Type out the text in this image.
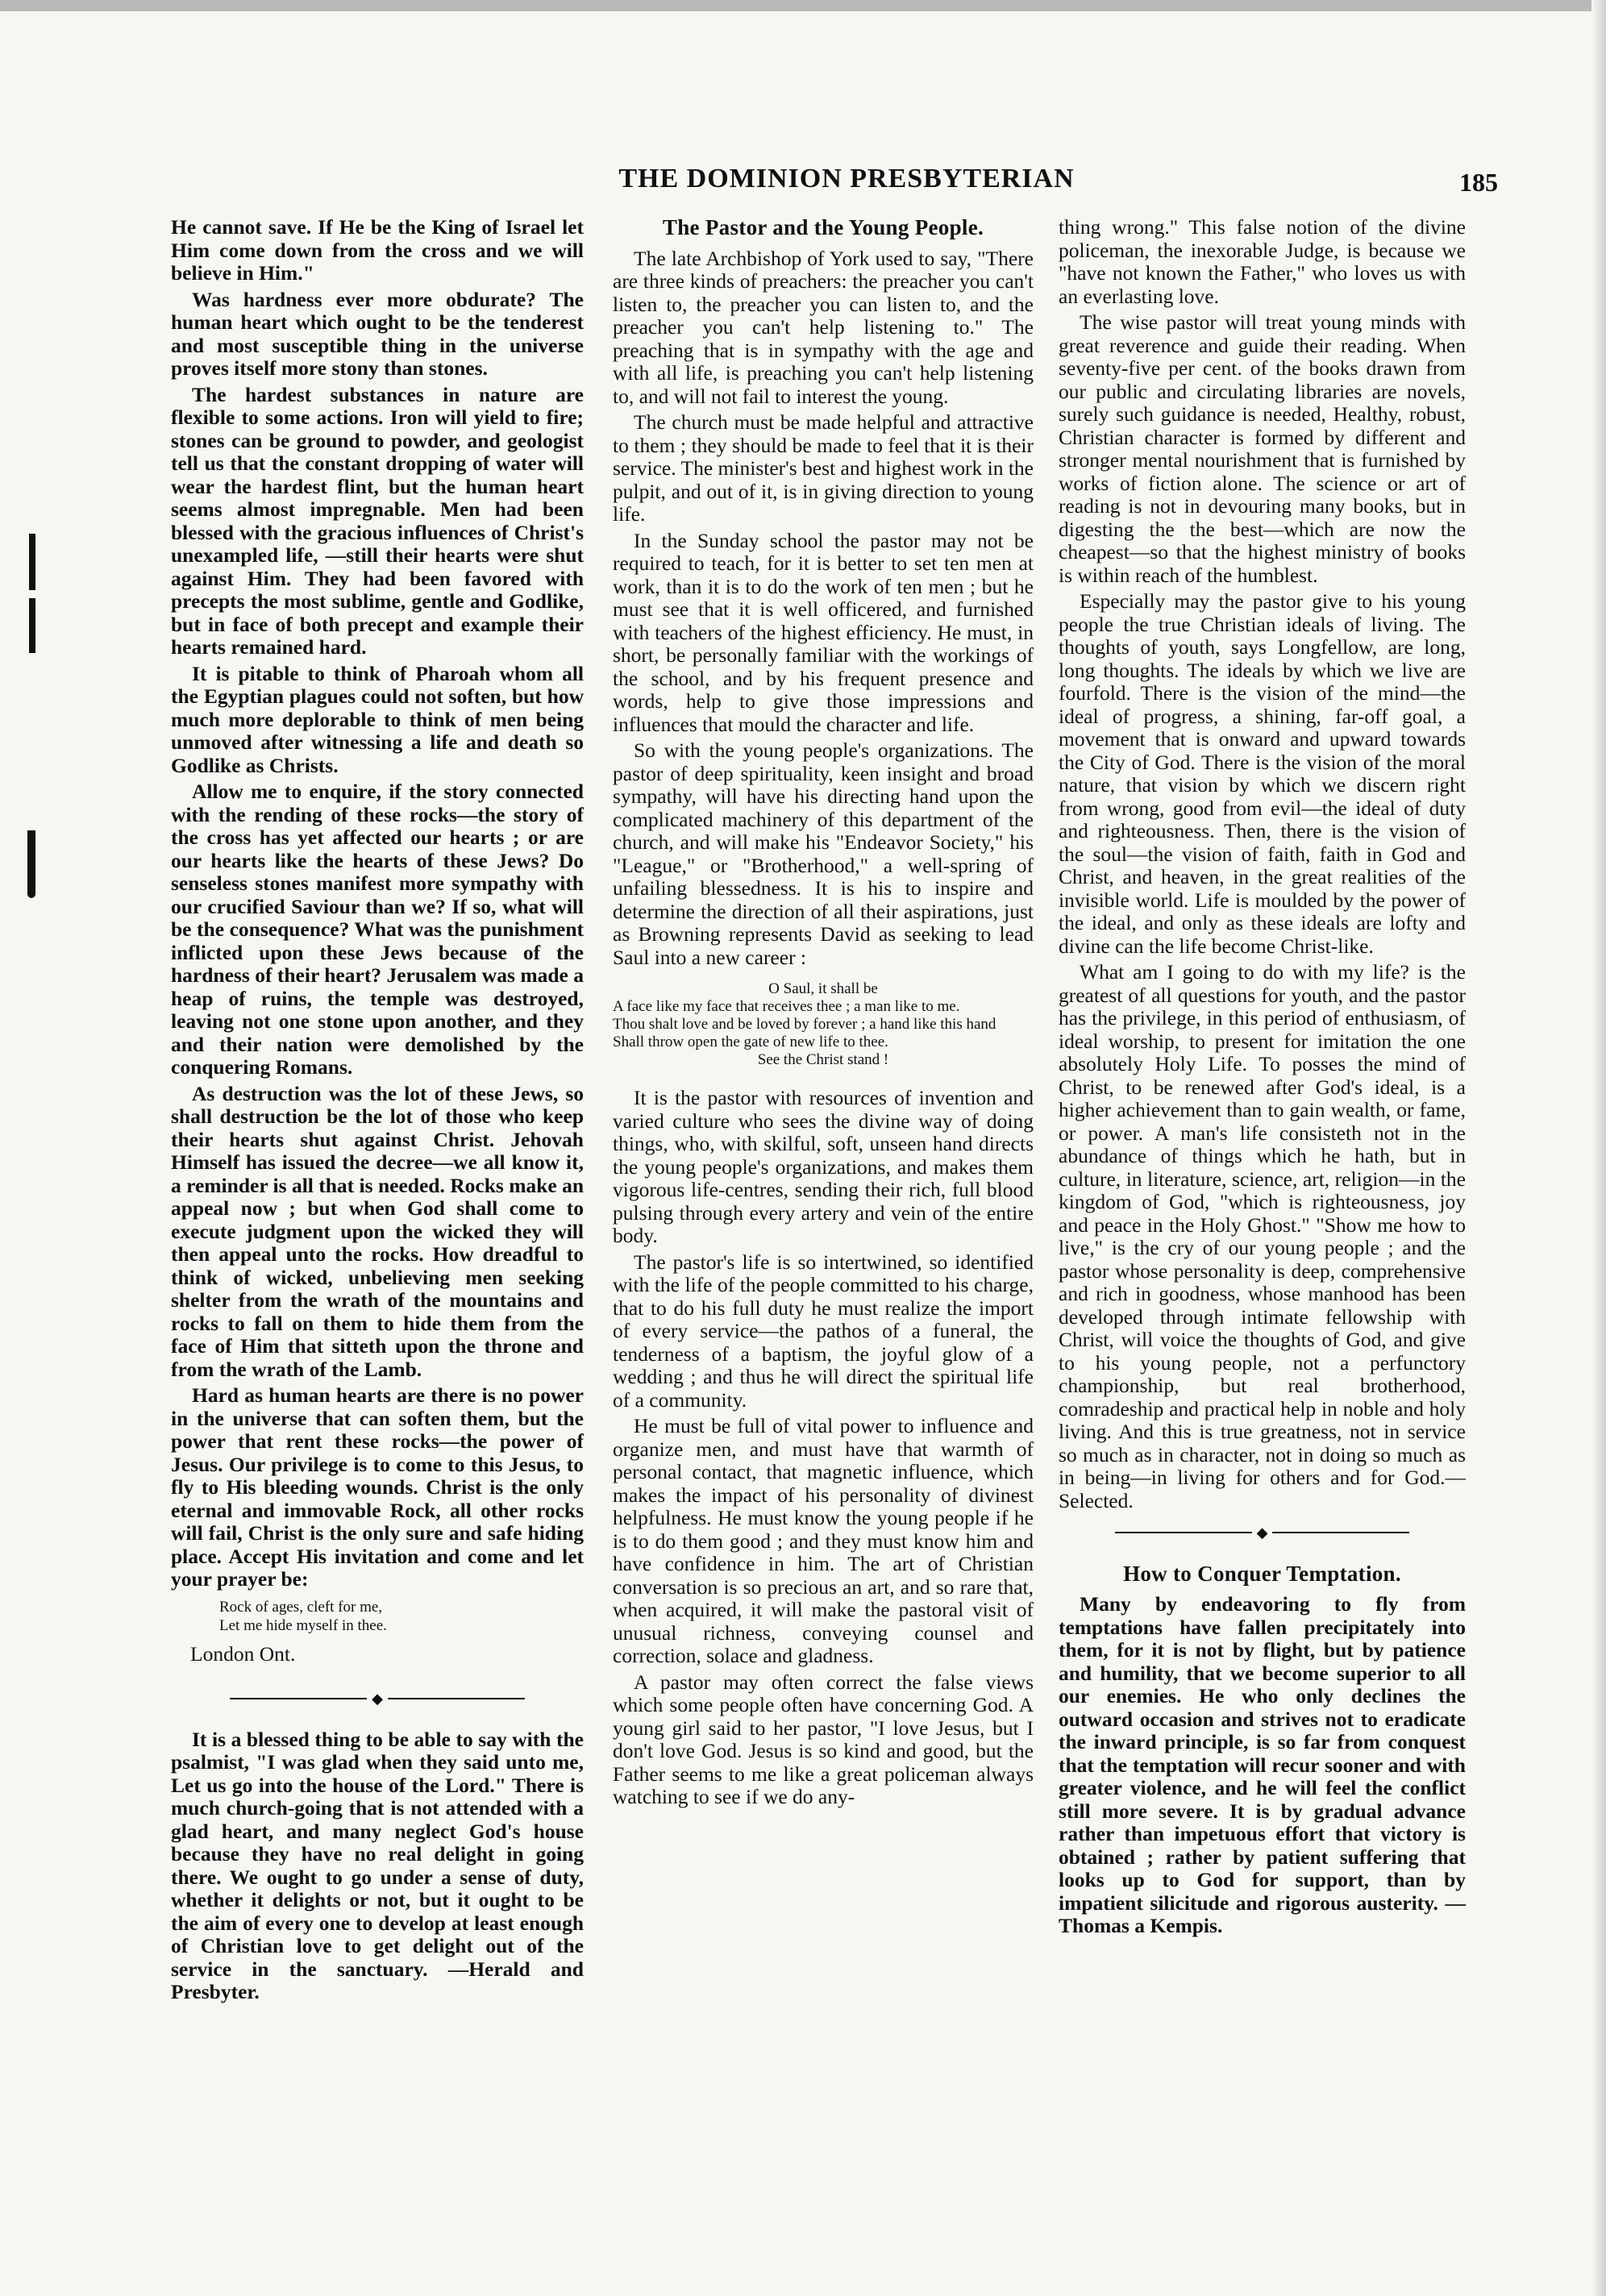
THE DOMINION PRESBYTERIAN	185

He cannot save. If He be the King of Israel let Him come down from the cross and we will believe in Him."

Was hardness ever more obdurate? The human heart which ought to be the tenderest and most susceptible thing in the universe proves itself more stony than stones.

The hardest substances in nature are flexible to some actions. Iron will yield to fire; stones can be ground to powder, and geologist tell us that the constant dropping of water will wear the hardest flint, but the human heart seems almost impregnable. Men had been blessed with the gracious influences of Christ's unexampled life, —still their hearts were shut against Him. They had been favored with precepts the most sublime, gentle and Godlike, but in face of both precept and example their hearts remained hard.

It is pitable to think of Pharoah whom all the Egyptian plagues could not soften, but how much more deplorable to think of men being unmoved after witnessing a life and death so Godlike as Christs.

Allow me to enquire, if the story connected with the rending of these rocks—the story of the cross has yet affected our hearts ; or are our hearts like the hearts of these Jews? Do senseless stones manifest more sympathy with our crucified Saviour than we? If so, what will be the consequence? What was the punishment inflicted upon these Jews because of the hardness of their heart? Jerusalem was made a heap of ruins, the temple was destroyed, leaving not one stone upon another, and they and their nation were demolished by the conquering Romans.

As destruction was the lot of these Jews, so shall destruction be the lot of those who keep their hearts shut against Christ. Jehovah Himself has issued the decree—we all know it, a reminder is all that is needed. Rocks make an appeal now ; but when God shall come to execute judgment upon the wicked they will then appeal unto the rocks. How dreadful to think of wicked, unbelieving men seeking shelter from the wrath of the mountains and rocks to fall on them to hide them from the face of Him that sitteth upon the throne and from the wrath of the Lamb.

Hard as human hearts are there is no power in the universe that can soften them, but the power that rent these rocks—the power of Jesus. Our privilege is to come to this Jesus, to fly to His bleeding wounds. Christ is the only eternal and immovable Rock, all other rocks will fail, Christ is the only sure and safe hiding place. Accept His invitation and come and let your prayer be:

Rock of ages, cleft for me,
Let me hide myself in thee.
London Ont.
◆

It is a blessed thing to be able to say with the psalmist, "I was glad when they said unto me, Let us go into the house of the Lord." There is much church-going that is not attended with a glad heart, and many neglect God's house because they have no real delight in going there. We ought to go under a sense of duty, whether it delights or not, but it ought to be the aim of every one to develop at least enough of Christian love to get delight out of the service in the sanctuary. —Herald and Presbyter.

The Pastor and the Young People.

The late Archbishop of York used to say, "There are three kinds of preachers: the preacher you can't listen to, the preacher you can listen to, and the preacher you can't help listening to." The preaching that is in sympathy with the age and with all life, is preaching you can't help listening to, and will not fail to interest the young.

The church must be made helpful and attractive to them ; they should be made to feel that it is their service. The minister's best and highest work in the pulpit, and out of it, is in giving direction to young life.

In the Sunday school the pastor may not be required to teach, for it is better to set ten men at work, than it is to do the work of ten men ; but he must see that it is well officered, and furnished with teachers of the highest efficiency. He must, in short, be personally familiar with the workings of the school, and by his frequent presence and words, help to give those impressions and influences that mould the character and life.

So with the young people's organizations. The pastor of deep spirituality, keen insight and broad sympathy, will have his directing hand upon the complicated machinery of this department of the church, and will make his "Endeavor Society," his "League," or "Brotherhood," a well-spring of unfailing blessedness. It is his to inspire and determine the direction of all their aspirations, just as Browning represents David as seeking to lead Saul into a new career :

O Saul, it shall be
A face like my face that receives thee ; a man like to me.
Thou shalt love and be loved by forever ; a hand like this hand
Shall throw open the gate of new life to thee.
See the Christ stand !

It is the pastor with resources of invention and varied culture who sees the divine way of doing things, who, with skilful, soft, unseen hand directs the young people's organizations, and makes them vigorous life-centres, sending their rich, full blood pulsing through every artery and vein of the entire body.

The pastor's life is so intertwined, so identified with the life of the people committed to his charge, that to do his full duty he must realize the import of every service—the pathos of a funeral, the tenderness of a baptism, the joyful glow of a wedding ; and thus he will direct the spiritual life of a community.

He must be full of vital power to influence and organize men, and must have that warmth of personal contact, that magnetic influence, which makes the impact of his personality of divinest helpfulness. He must know the young people if he is to do them good ; and they must know him and have confidence in him. The art of Christian conversation is so precious an art, and so rare that, when acquired, it will make the pastoral visit of unusual richness, conveying counsel and correction, solace and gladness.

A pastor may often correct the false views which some people often have concerning God. A young girl said to her pastor, "I love Jesus, but I don't love God. Jesus is so kind and good, but the Father seems to me like a great policeman always watching to see if we do any-

thing wrong." This false notion of the divine policeman, the inexorable Judge, is because we "have not known the Father," who loves us with an everlasting love.

The wise pastor will treat young minds with great reverence and guide their reading. When seventy-five per cent. of the books drawn from our public and circulating libraries are novels, surely such guidance is needed, Healthy, robust, Christian character is formed by different and stronger mental nourishment that is furnished by works of fiction alone. The science or art of reading is not in devouring many books, but in digesting the the best—which are now the cheapest—so that the highest ministry of books is within reach of the humblest.

Especially may the pastor give to his young people the true Christian ideals of living. The thoughts of youth, says Longfellow, are long, long thoughts. The ideals by which we live are fourfold. There is the vision of the mind—the ideal of progress, a shining, far-off goal, a movement that is onward and upward towards the City of God. There is the vision of the moral nature, that vision by which we discern right from wrong, good from evil—the ideal of duty and righteousness. Then, there is the vision of the soul—the vision of faith, faith in God and Christ, and heaven, in the great realities of the invisible world. Life is moulded by the power of the ideal, and only as these ideals are lofty and divine can the life become Christ-like.

What am I going to do with my life? is the greatest of all questions for youth, and the pastor has the privilege, in this period of enthusiasm, of ideal worship, to present for imitation the one absolutely Holy Life. To posses the mind of Christ, to be renewed after God's ideal, is a higher achievement than to gain wealth, or fame, or power. A man's life consisteth not in the abundance of things which he hath, but in culture, in literature, science, art, religion—in the kingdom of God, "which is righteousness, joy and peace in the Holy Ghost." "Show me how to live," is the cry of our young people ; and the pastor whose personality is deep, comprehensive and rich in goodness, whose manhood has been developed through intimate fellowship with Christ, will voice the thoughts of God, and give to his young people, not a perfunctory championship, but real brotherhood, comradeship and practical help in noble and holy living. And this is true greatness, not in service so much as in character, not in doing so much as in being—in living for others and for God.—Selected.

◆
How to Conquer Temptation.

Many by endeavoring to fly from temptations have fallen precipitately into them, for it is not by flight, but by patience and humility, that we become superior to all our enemies. He who only declines the outward occasion and strives not to eradicate the inward principle, is so far from conquest that the temptation will recur sooner and with greater violence, and he will feel the conflict still more severe. It is by gradual advance rather than impetuous effort that victory is obtained ; rather by patient suffering that looks up to God for support, than by impatient silicitude and rigorous austerity. —Thomas a Kempis.
